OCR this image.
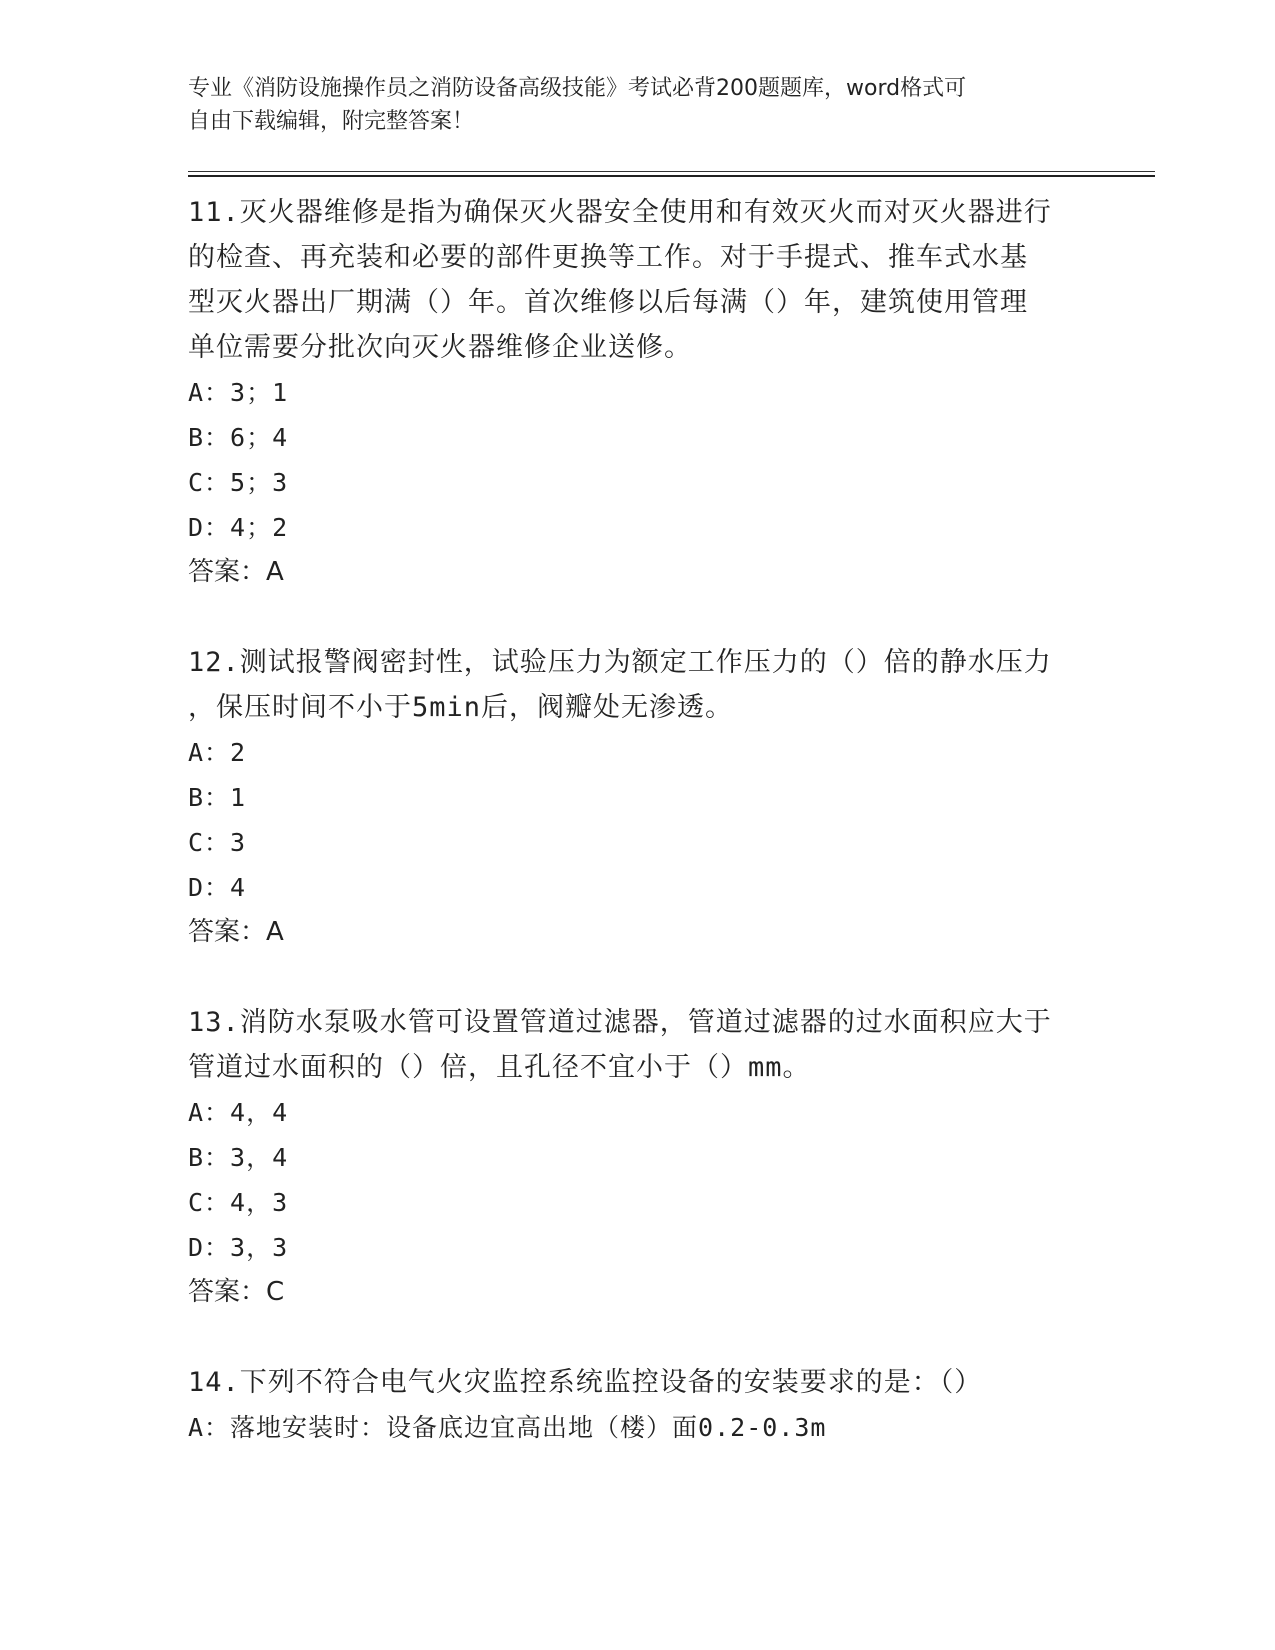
专业《消防设施操作员之消防设备高级技能》考试必背200题题库，word格式可
自由下载编辑，附完整答案！
11.灭火器维修是指为确保灭火器安全使用和有效灭火而对灭火器进行
的检查、再充装和必要的部件更换等工作。对于手提式、推车式水基
型灭火器出厂期满（）年。首次维修以后每满（）年，建筑使用管理
单位需要分批次向灭火器维修企业送修。
A：3；1
B：6；4
C：5；3
D：4；2
答案：A
12.测试报警阀密封性，试验压力为额定工作压力的（）倍的静水压力
，保压时间不小于5min后，阀瓣处无渗透。
A：2
B：1
C：3
D：4
答案：A
13.消防水泵吸水管可设置管道过滤器，管道过滤器的过水面积应大于
管道过水面积的（）倍，且孔径不宜小于（）mm。
A：4，4
B：3，4
C：4，3
D：3，3
答案：C
14.下列不符合电气火灾监控系统监控设备的安装要求的是：（）
A：落地安装时：设备底边宜高出地（楼）面0.2-0.3m
